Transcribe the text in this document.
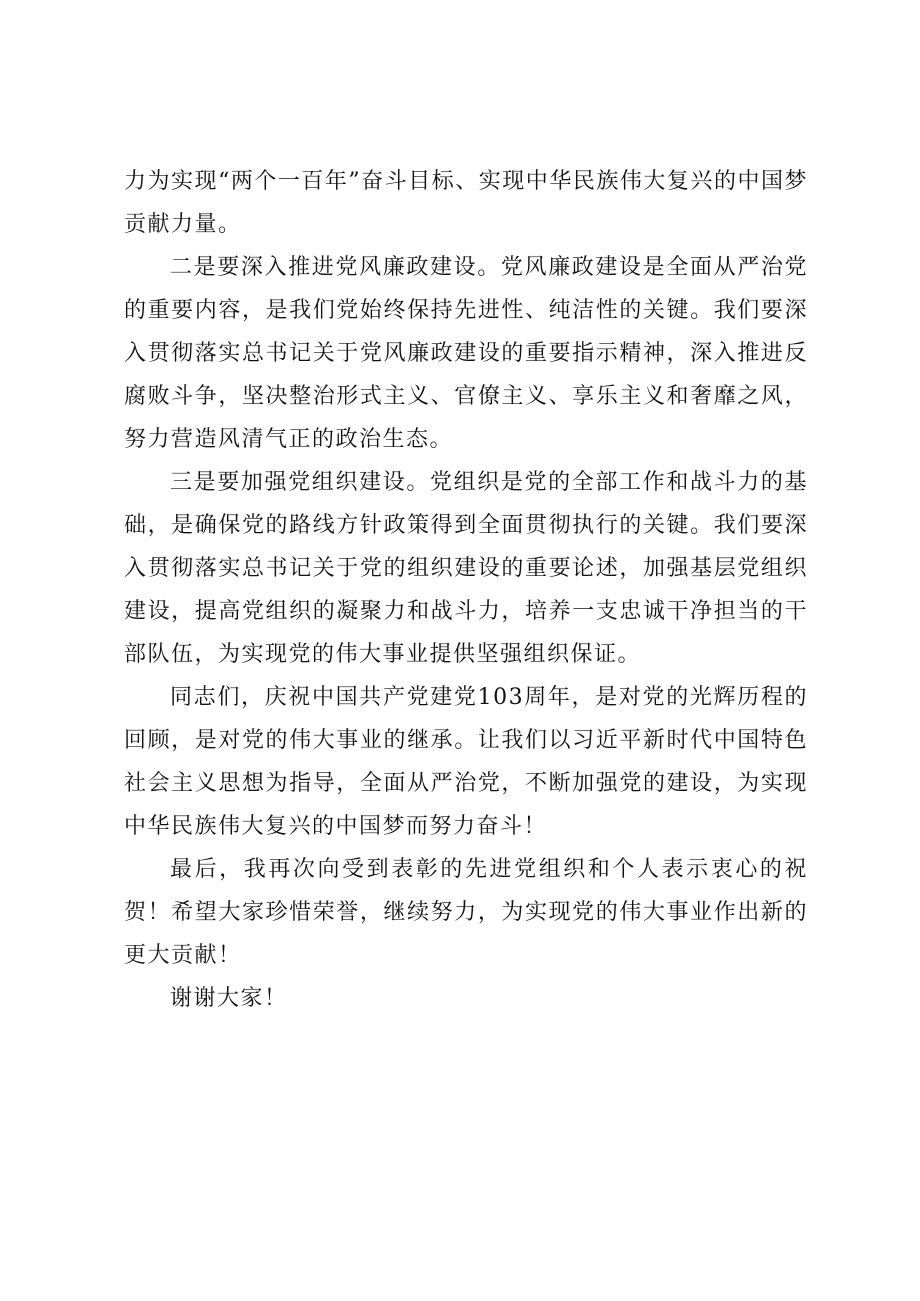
力为实现“两个一百年”奋斗目标、实现中华民族伟大复兴的中国梦贡献力量。

二是要深入推进党风廉政建设。党风廉政建设是全面从严治党的重要内容，是我们党始终保持先进性、纯洁性的关键。我们要深入贯彻落实总书记关于党风廉政建设的重要指示精神，深入推进反腐败斗争，坚决整治形式主义、官僚主义、享乐主义和奢靡之风，努力营造风清气正的政治生态。

三是要加强党组织建设。党组织是党的全部工作和战斗力的基础，是确保党的路线方针政策得到全面贯彻执行的关键。我们要深入贯彻落实总书记关于党的组织建设的重要论述，加强基层党组织建设，提高党组织的凝聚力和战斗力，培养一支忠诚干净担当的干部队伍，为实现党的伟大事业提供坚强组织保证。

同志们，庆祝中国共产党建党103周年，是对党的光辉历程的回顾，是对党的伟大事业的继承。让我们以习近平新时代中国特色社会主义思想为指导，全面从严治党，不断加强党的建设，为实现中华民族伟大复兴的中国梦而努力奋斗！

最后，我再次向受到表彰的先进党组织和个人表示衷心的祝贺！希望大家珍惜荣誉，继续努力，为实现党的伟大事业作出新的更大贡献！

谢谢大家！
